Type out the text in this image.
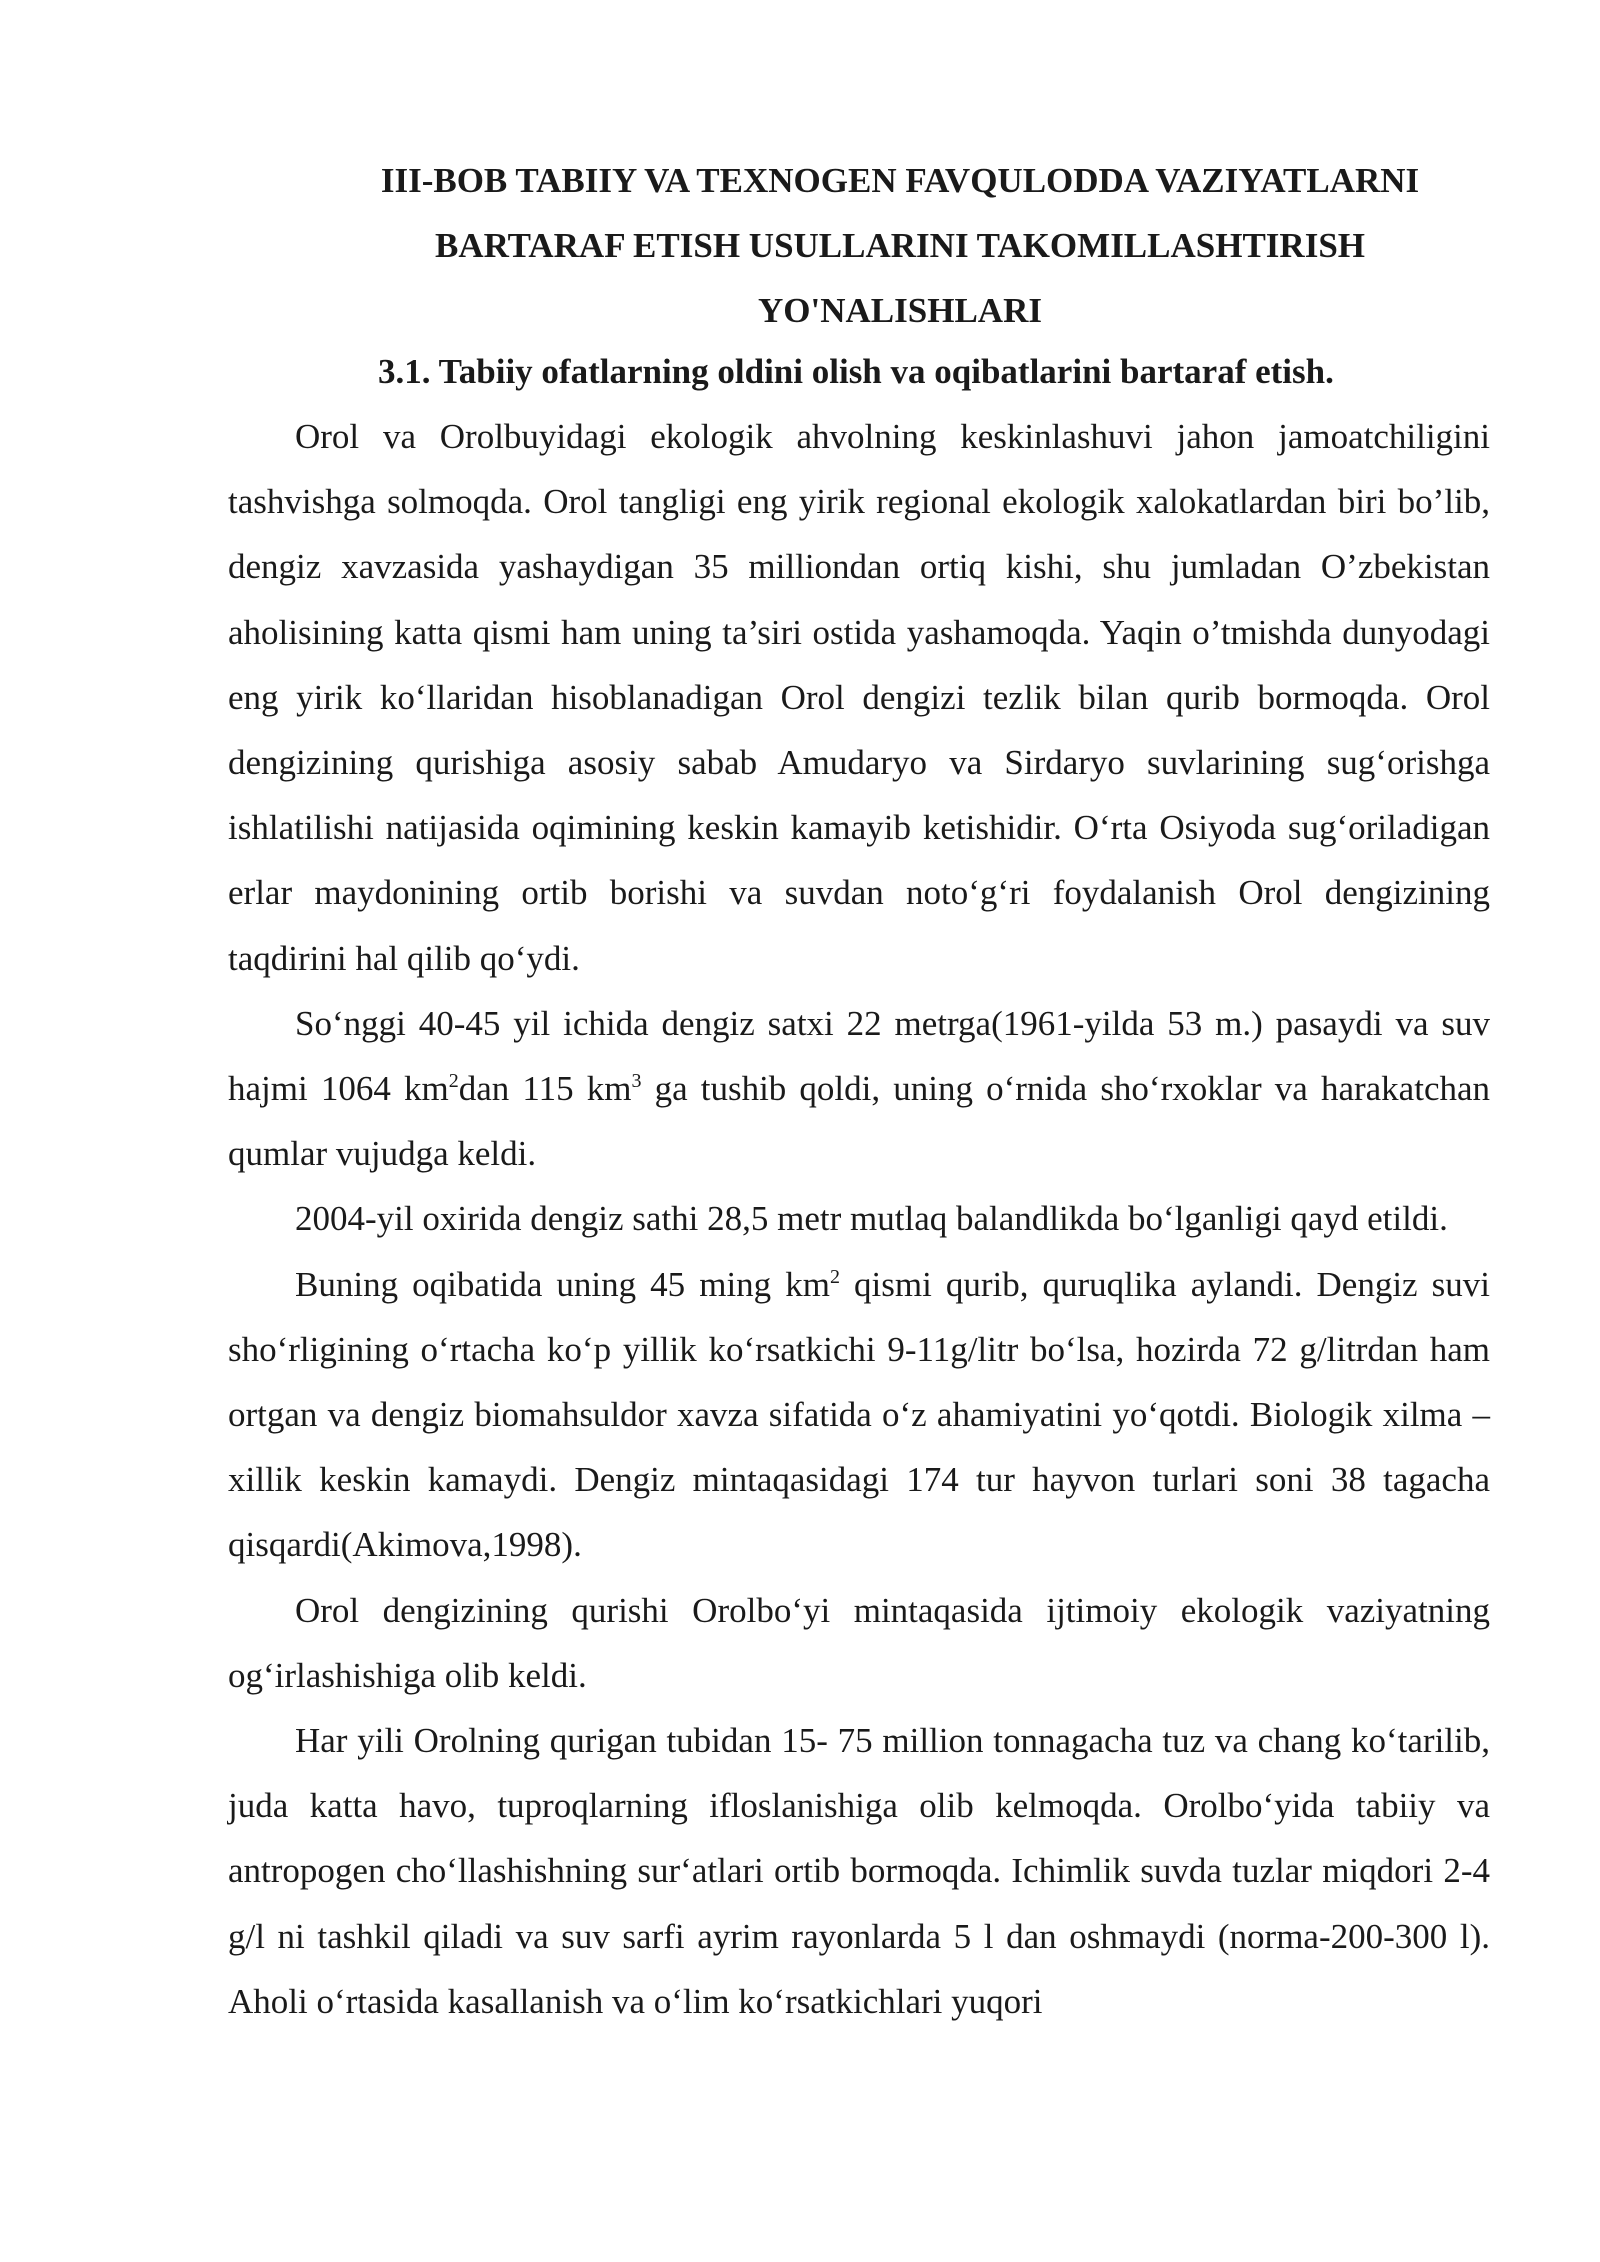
III-BOB TABIIY VA TEXNOGEN FAVQULODDA VAZIYATLARNI BARTARAF ETISH USULLARINI TAKOMILLASHTIRISH YO'NALISHLARI
3.1. Tabiiy ofatlarning oldini olish va oqibatlarini bartaraf etish.

Orol va Orolbuyidagi ekologik ahvolning keskinlashuvi jahon jamoatchiligini tashvishga solmoqda. Orol tangligi eng yirik regional ekologik xalokatlardan biri bo’lib, dengiz xavzasida yashaydigan 35 milliondan ortiq kishi, shu jumladan O’zbekistan aholisining katta qismi ham uning ta’siri ostida yashamoqda. Yaqin o’tmishda dunyodagi eng yirik ko‘llaridan hisoblanadigan Orol dengizi tezlik bilan qurib bormoqda. Orol dengizining qurishiga asosiy sabab Amudaryo va Sirdaryo suvlarining sug‘orishga ishlatilishi natijasida oqimining keskin kamayib ketishidir. O‘rta Osiyoda sug‘oriladigan erlar maydonining ortib borishi va suvdan noto‘g‘ri foydalanish Orol dengizining taqdirini hal qilib qo‘ydi.

So‘nggi 40-45 yil ichida dengiz satxi 22 metrga(1961-yilda 53 m.) pasaydi va suv hajmi 1064 $km^2dan$ 115 $km^3$ ga tushib qoldi, uning o‘rnida sho‘rxoklar va harakatchan qumlar vujudga keldi.

2004-yil oxirida dengiz sathi 28,5 metr mutlaq balandlikda bo‘lganligi qayd etildi.

Buning oqibatida uning 45 ming $km^2$ qismi qurib, quruqlika aylandi. Dengiz suvi sho‘rligining o‘rtacha ko‘p yillik ko‘rsatkichi 9-11g/litr bo‘lsa, hozirda 72 g/litrdan ham ortgan va dengiz biomahsuldor xavza sifatida o‘z ahamiyatini yo‘qotdi. Biologik xilma –xillik keskin kamaydi. Dengiz mintaqasidagi 174 tur hayvon turlari soni 38 tagacha qisqardi(Akimova,1998).

Orol dengizining qurishi Orolbo‘yi mintaqasida ijtimoiy ekologik vaziyatning og‘irlashishiga olib keldi.

Har yili Orolning qurigan tubidan 15- 75 million tonnagacha tuz va chang ko‘tarilib, juda katta havo, tuproqlarning ifloslanishiga olib kelmoqda. Orolbo‘yida tabiiy va antropogen cho‘llashishning sur‘atlari ortib bormoqda. Ichimlik suvda tuzlar miqdori 2-4 g/l ni tashkil qiladi va suv sarfi ayrim rayonlarda 5 l dan oshmaydi (norma-200-300 l). Aholi o‘rtasida kasallanish va o‘lim ko‘rsatkichlari yuqori
